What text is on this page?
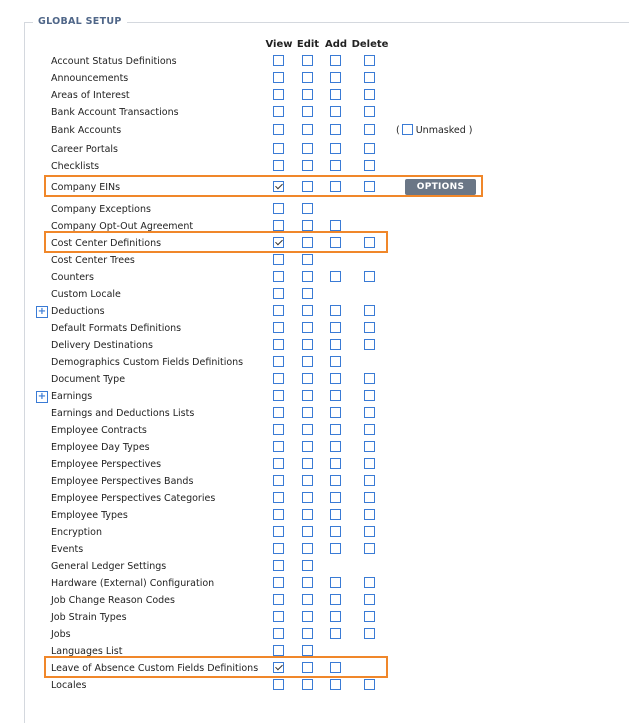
GLOBAL SETUP
View Edit Add Delete
Account Status Definitions
Announcements
Areas of Interest
Bank Account Transactions
Bank Accounts	( Unmasked )
Career Portals
Checklists
Company EINs	OPTIONS
Company Exceptions
Company Opt-Out Agreement
Cost Center Definitions
Cost Center Trees
Counters
Custom Locale
+ Deductions
Default Formats Definitions
Delivery Destinations
Demographics Custom Fields Definitions
Document Type
+ Earnings
Earnings and Deductions Lists
Employee Contracts
Employee Day Types
Employee Perspectives
Employee Perspectives Bands
Employee Perspectives Categories
Employee Types
Encryption
Events
General Ledger Settings
Hardware (External) Configuration
Job Change Reason Codes
Job Strain Types
Jobs
Languages List
Leave of Absence Custom Fields Definitions
Locales
